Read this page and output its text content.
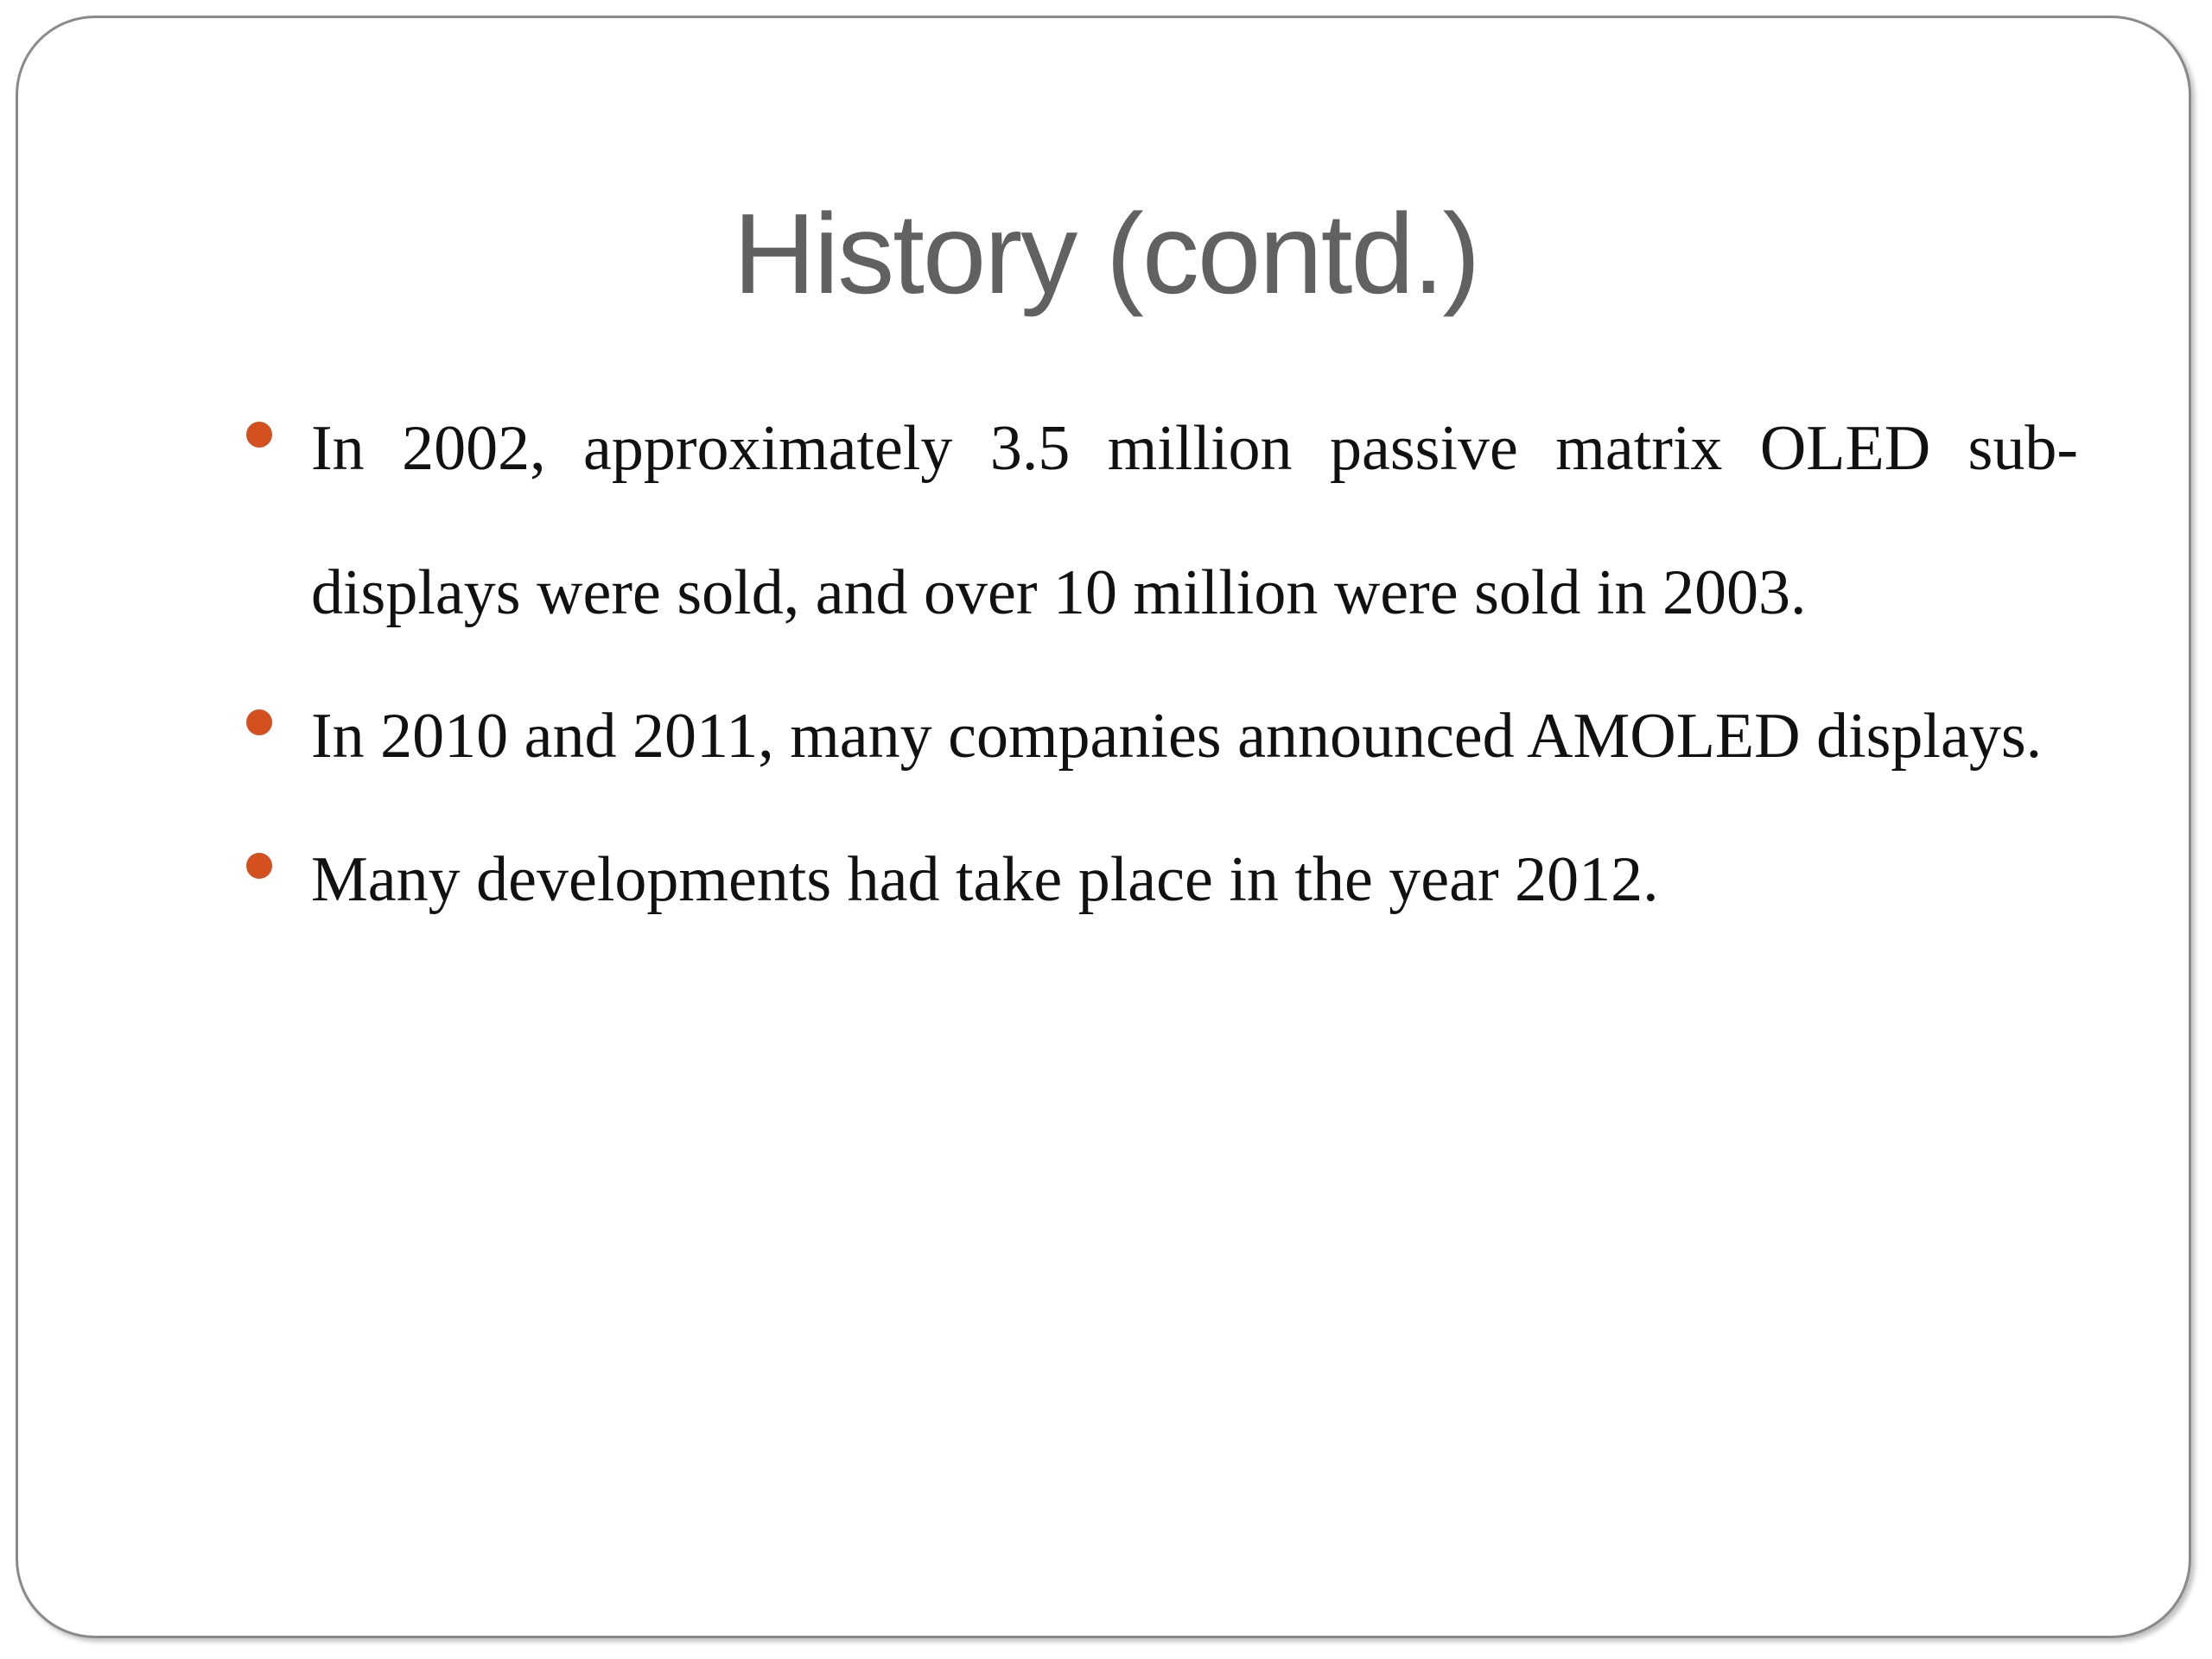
History (contd.)
In 2002, approximately 3.5 million passive matrix OLED sub-displays were sold, and over 10 million were sold in 2003.
In 2010 and 2011, many companies announced AMOLED displays.
Many developments had take place in the year 2012.
